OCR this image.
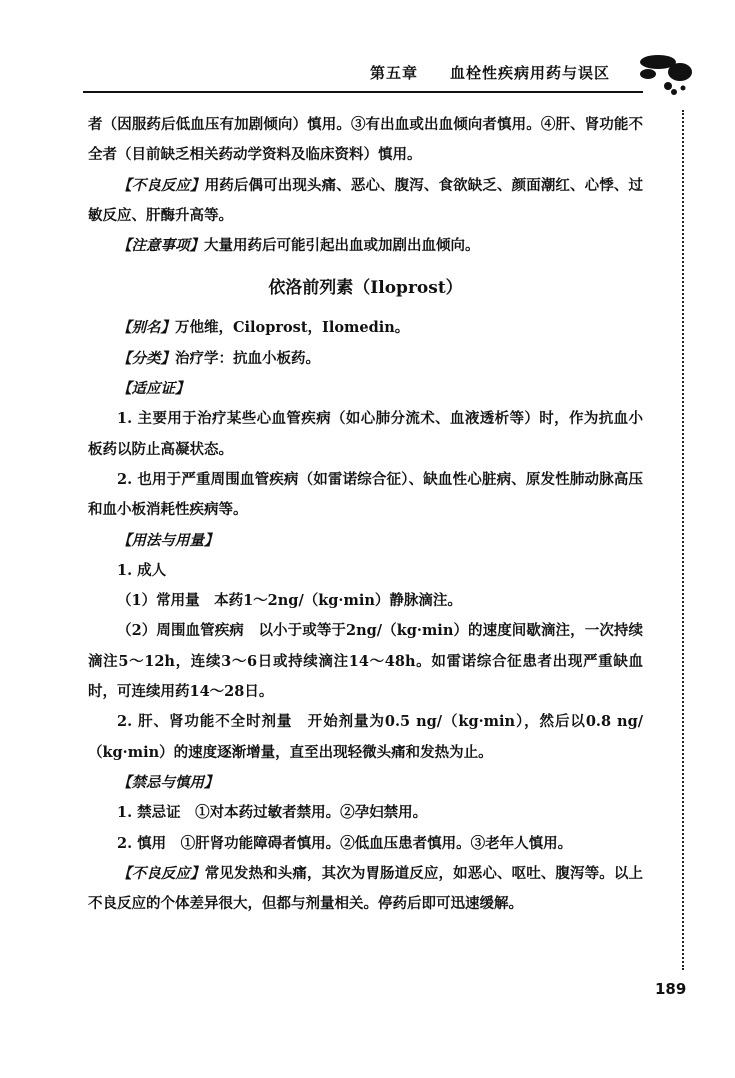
第五章 血栓性疾病用药与误区

者（因服药后低血压有加剧倾向）慎用。③有出血或出血倾向者慎用。④肝、肾功能不全者（目前缺乏相关药动学资料及临床资料）慎用。

【不良反应】用药后偶可出现头痛、恶心、腹泻、食欲缺乏、颜面潮红、心悸、过敏反应、肝酶升高等。

【注意事项】大量用药后可能引起出血或加剧出血倾向。

依洛前列素（Iloprost）

【别名】万他维，Ciloprost，Ilomedin。

【分类】治疗学：抗血小板药。

【适应证】

1. 主要用于治疗某些心血管疾病（如心肺分流术、血液透析等）时，作为抗血小板药以防止高凝状态。

2. 也用于严重周围血管疾病（如雷诺综合征）、缺血性心脏病、原发性肺动脉高压和血小板消耗性疾病等。

【用法与用量】

1. 成人

（1）常用量　本药1～2ng/（kg·min）静脉滴注。

（2）周围血管疾病　以小于或等于2ng/（kg·min）的速度间歇滴注，一次持续滴注5～12h，连续3～6日或持续滴注14～48h。如雷诺综合征患者出现严重缺血时，可连续用药14～28日。

2. 肝、肾功能不全时剂量　开始剂量为0.5 ng/（kg·min），然后以0.8 ng/（kg·min）的速度逐渐增量，直至出现轻微头痛和发热为止。

【禁忌与慎用】

1. 禁忌证　①对本药过敏者禁用。②孕妇禁用。

2. 慎用　①肝肾功能障碍者慎用。②低血压患者慎用。③老年人慎用。

【不良反应】常见发热和头痛，其次为胃肠道反应，如恶心、呕吐、腹泻等。以上不良反应的个体差异很大，但都与剂量相关。停药后即可迅速缓解。

189
